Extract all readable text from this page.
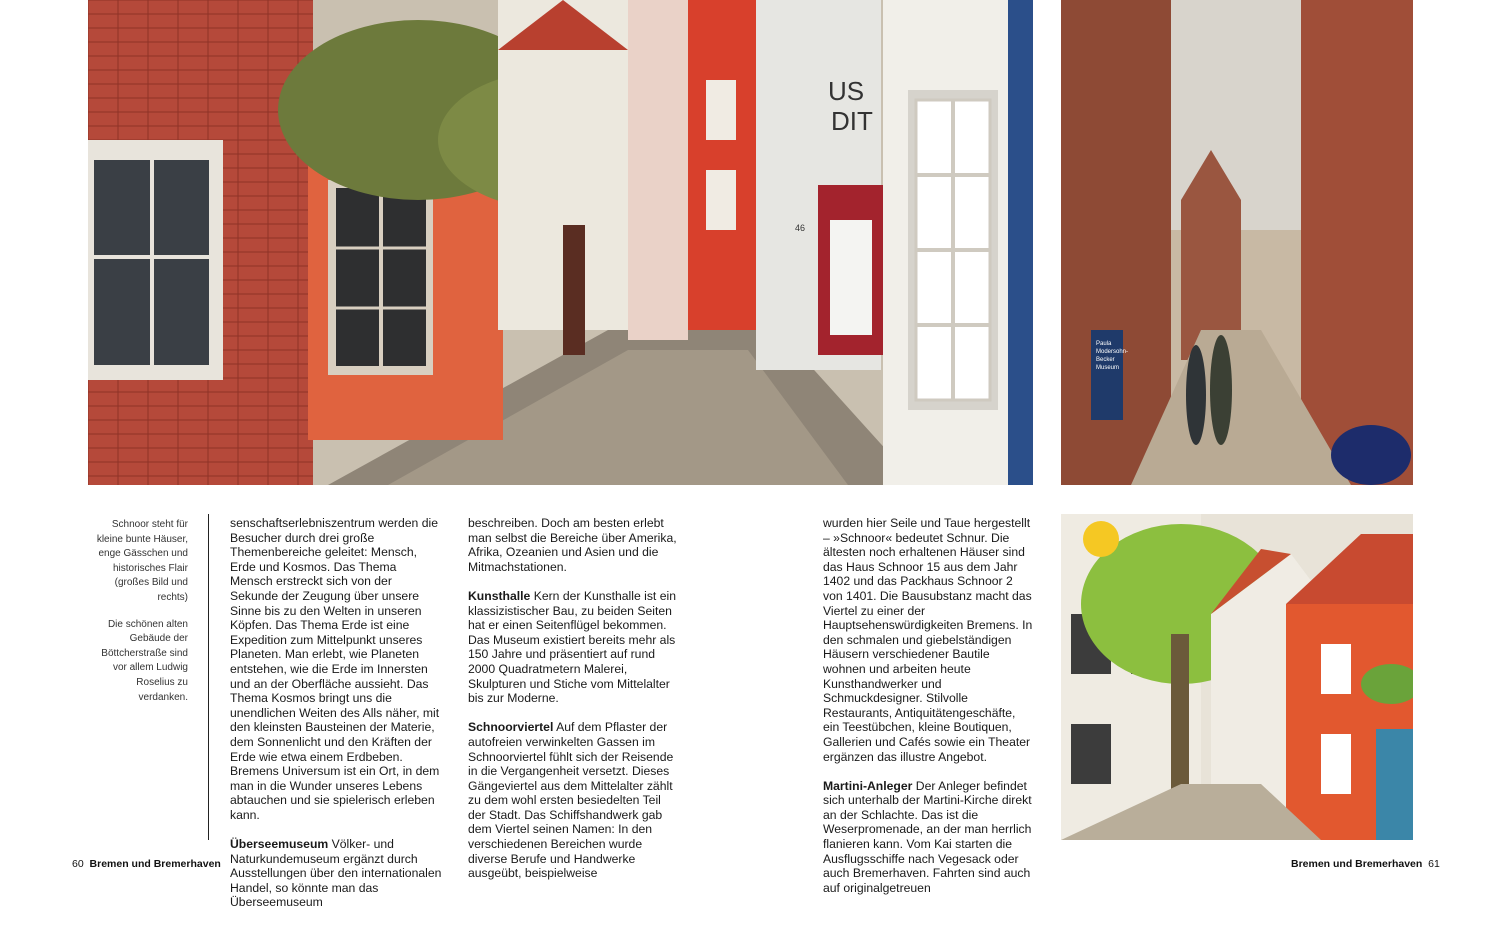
US
DIT
46
Paula
Modersohn-
Becker
Museum

Schnoor steht für kleine bunte Häuser, enge Gässchen und historisches Flair (großes Bild und rechts)

Die schönen alten Gebäude der Böttcherstraße sind vor allem Ludwig Roselius zu verdanken.

senschaftserlebniszentrum werden die Besucher durch drei große Themenbereiche geleitet: Mensch, Erde und Kosmos. Das Thema Mensch erstreckt sich von der Sekunde der Zeugung über unsere Sinne bis zu den Welten in unseren Köpfen. Das Thema Erde ist eine Expedition zum Mittelpunkt unseres Planeten. Man erlebt, wie Planeten entstehen, wie die Erde im Innersten und an der Oberfläche aussieht. Das Thema Kosmos bringt uns die unendlichen Weiten des Alls näher, mit den kleinsten Bausteinen der Materie, dem Sonnenlicht und den Kräften der Erde wie etwa einem Erdbeben. Bremens Universum ist ein Ort, in dem man in die Wunder unseres Lebens abtauchen und sie spielerisch erleben kann.

Überseemuseum Völker- und Naturkundemuseum ergänzt durch Ausstellungen über den internationalen Handel, so könnte man das Überseemuseum

beschreiben. Doch am besten erlebt man selbst die Bereiche über Amerika, Afrika, Ozeanien und Asien und die Mitmachstationen.

Kunsthalle Kern der Kunsthalle ist ein klassizistischer Bau, zu beiden Seiten hat er einen Seitenflügel bekommen. Das Museum existiert bereits mehr als 150 Jahre und präsentiert auf rund 2000 Quadratmetern Malerei, Skulpturen und Stiche vom Mittelalter bis zur Moderne.

Schnoorviertel Auf dem Pflaster der autofreien verwinkelten Gassen im Schnoorviertel fühlt sich der Reisende in die Vergangenheit versetzt. Dieses Gängeviertel aus dem Mittelalter zählt zu dem wohl ersten besiedelten Teil der Stadt. Das Schiffshandwerk gab dem Viertel seinen Namen: In den verschiedenen Bereichen wurde diverse Berufe und Handwerke ausgeübt, beispielweise

wurden hier Seile und Taue hergestellt – »Schnoor« bedeutet Schnur. Die ältesten noch erhaltenen Häuser sind das Haus Schnoor 15 aus dem Jahr 1402 und das Packhaus Schnoor 2 von 1401. Die Bausubstanz macht das Viertel zu einer der Hauptsehenswürdigkeiten Bremens. In den schmalen und giebelständigen Häusern verschiedener Bautile wohnen und arbeiten heute Kunsthandwerker und Schmuckdesigner. Stilvolle Restaurants, Antiquitätengeschäfte, ein Teestübchen, kleine Boutiquen, Gallerien und Cafés sowie ein Theater ergänzen das illustre Angebot.

Martini-Anleger Der Anleger befindet sich unterhalb der Martini-Kirche direkt an der Schlachte. Das ist die Weserpromenade, an der man herrlich flanieren kann. Vom Kai starten die Ausflugsschiffe nach Vegesack oder auch Bremerhaven. Fahrten sind auch auf originalgetreuen

60 Bremen und Bremerhaven	Bremen und Bremerhaven 61
